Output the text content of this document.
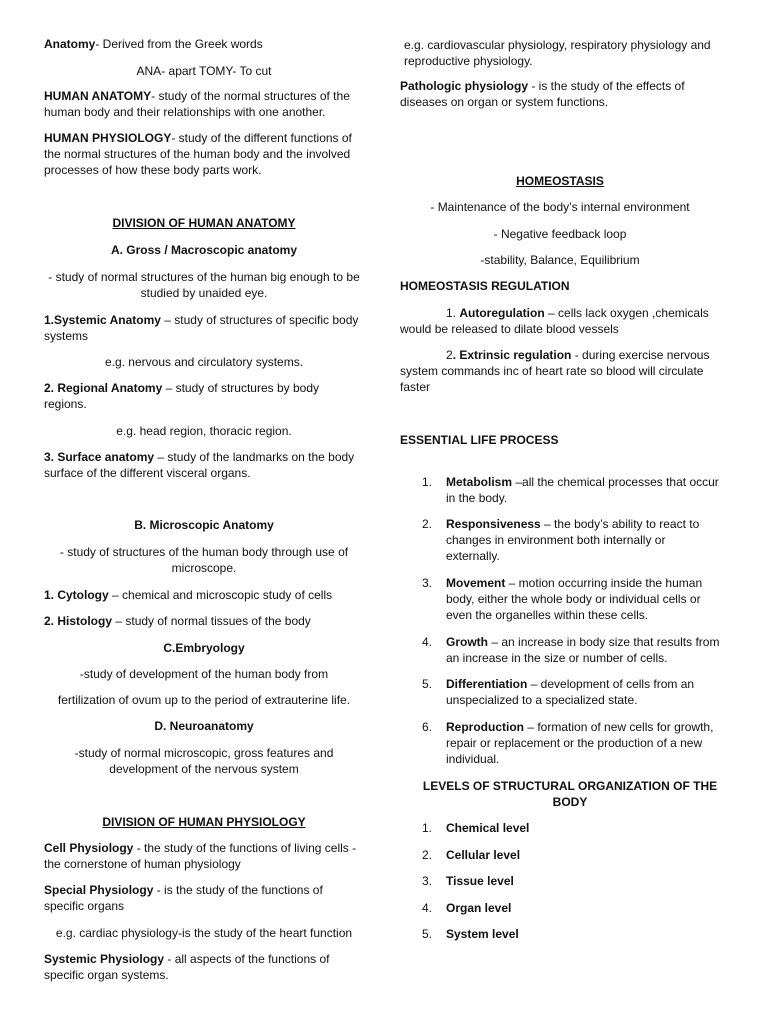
Anatomy- Derived from the Greek words

ANA- apart TOMY- To cut

HUMAN ANATOMY- study of the normal structures of the human body and their relationships with one another.

HUMAN PHYSIOLOGY- study of the different functions of the normal structures of the human body and the involved processes of how these body parts work.

DIVISION OF HUMAN ANATOMY

A. Gross / Macroscopic anatomy

- study of normal structures of the human big enough to be studied by unaided eye.

1.Systemic Anatomy – study of structures of specific body systems

e.g. nervous and circulatory systems.

2. Regional Anatomy – study of structures by body regions.

e.g. head region, thoracic region.

3. Surface anatomy – study of the landmarks on the body surface of the different visceral organs.

B. Microscopic Anatomy

- study of structures of the human body through use of microscope.

1. Cytology – chemical and microscopic study of cells

2. Histology – study of normal tissues of the body

C.Embryology

-study of development of the human body from

fertilization of ovum up to the period of extrauterine life.

D. Neuroanatomy

-study of normal microscopic, gross features and development of the nervous system

DIVISION OF HUMAN PHYSIOLOGY

Cell Physiology - the study of the functions of living cells - the cornerstone of human physiology

Special Physiology - is the study of the functions of specific organs

e.g. cardiac physiology-is the study of the heart function

Systemic Physiology - all aspects of the functions of specific organ systems.

e.g. cardiovascular physiology, respiratory physiology and reproductive physiology.

Pathologic physiology - is the study of the effects of diseases on organ or system functions.

HOMEOSTASIS

- Maintenance of the body’s internal environment

- Negative feedback loop

-stability, Balance, Equilibrium

HOMEOSTASIS REGULATION

1. Autoregulation – cells lack oxygen ,chemicals would be released to dilate blood vessels

2. Extrinsic regulation - during exercise nervous system commands inc of heart rate so blood will circulate faster

ESSENTIAL LIFE PROCESS

1.	Metabolism –all the chemical processes that occur in the body.
2.	Responsiveness – the body’s ability to react to changes in environment both internally or externally.
3.	Movement – motion occurring inside the human body, either the whole body or individual cells or even the organelles within these cells.
4.	Growth – an increase in body size that results from an increase in the size or number of cells.
5.	Differentiation – development of cells from an unspecialized to a specialized state.
6.	Reproduction – formation of new cells for growth, repair or replacement or the production of a new individual.

LEVELS OF STRUCTURAL ORGANIZATION OF THE BODY

1.	Chemical level
2.	Cellular level
3.	Tissue level
4.	Organ level
5.	System level
